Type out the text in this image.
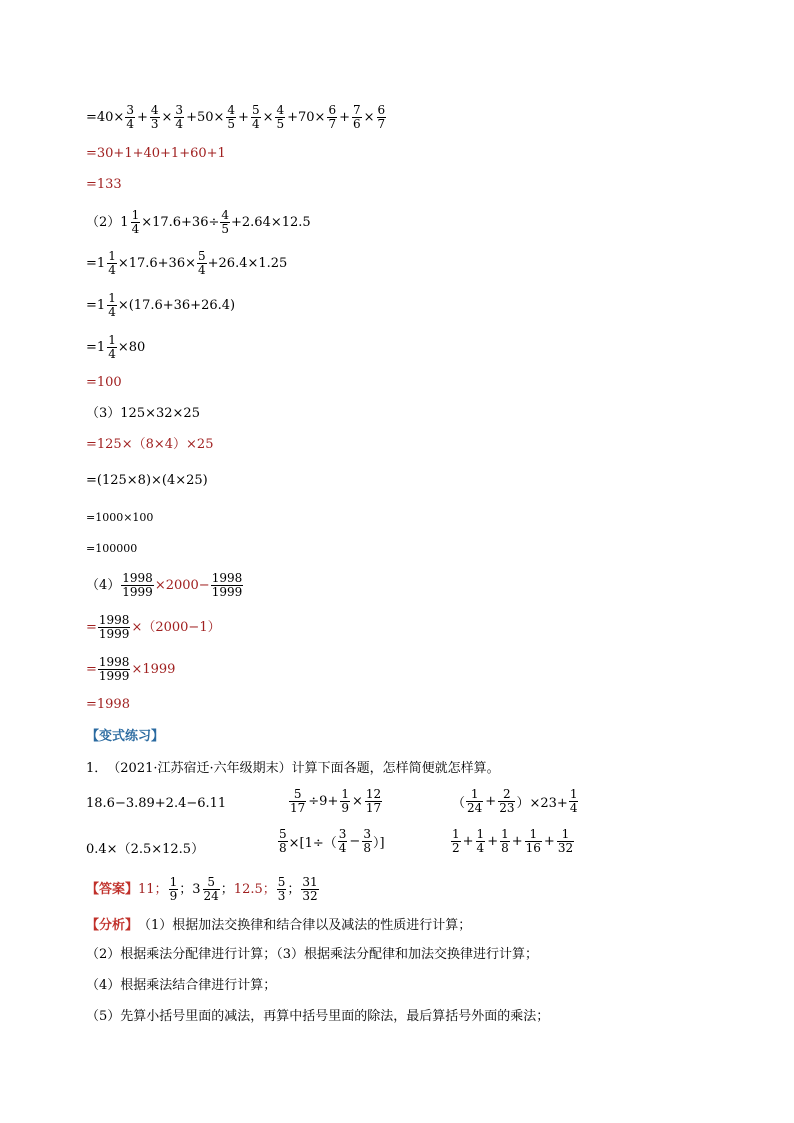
$=40\times \frac{3}{4} + \frac{4}{3} \times \frac{3}{4} +50\times \frac{4}{5} + \frac{5}{4} \times \frac{4}{5} +70\times \frac{6}{7} + \frac{7}{6} \times \frac{6}{7}$
=30+1+40+1+60+1
=133
（2） $1 \frac{1}{4} \times 17.6+36\div \frac{4}{5} +2.64\times 12.5$
= $1 \frac{1}{4} \times 17.6+36\times \frac{5}{4} +26.4\times 1.25$
= $1 \frac{1}{4} \times(17.6+36+26.4)$
= $1 \frac{1}{4} \times 80$
=100
（3） 125×32×25
=125×（8×4）×25
=(125×8)×(4×25)
=1000×100
=100000
$(4) \frac{1998}{1999} \times 2000- \frac{1998}{1999}$
= $\frac{1998}{1999} \times(2000-1)$
= $\frac{1998}{1999} \times 1999$
=1998
【变式练习】
1． （2021·江苏宿迁·六年级期末）计算下面各题，怎样简便就怎样算。
18.6−3.89+2.4−6.11	$\frac{5}{17} \div 9+ \frac{1}{9} \times \frac{12}{17}$	（ $\frac{1}{24} + \frac{2}{23} )\times 23+ \frac{1}{4}$
0.4×（2.5×12.5）	$\frac{5}{8} \times[1\div( \frac{3}{4} - \frac{3}{8}$ ）]	$\frac{1}{2} + \frac{1}{4} + \frac{1}{8} + \frac{1}{16} + \frac{1}{32}$
【答案】 11； $\frac{1}{9}$ ； $3 \frac{5}{24}$ ； 12.5； $\frac{5}{3}$ ； $\frac{31}{32}$
【分析】 （1）根据加法交换律和结合律以及减法的性质进行计算；
（2）根据乘法分配律进行计算；（3）根据乘法分配律和加法交换律进行计算；
（4）根据乘法结合律进行计算；
（5）先算小括号里面的减法，再算中括号里面的除法，最后算括号外面的乘法；
